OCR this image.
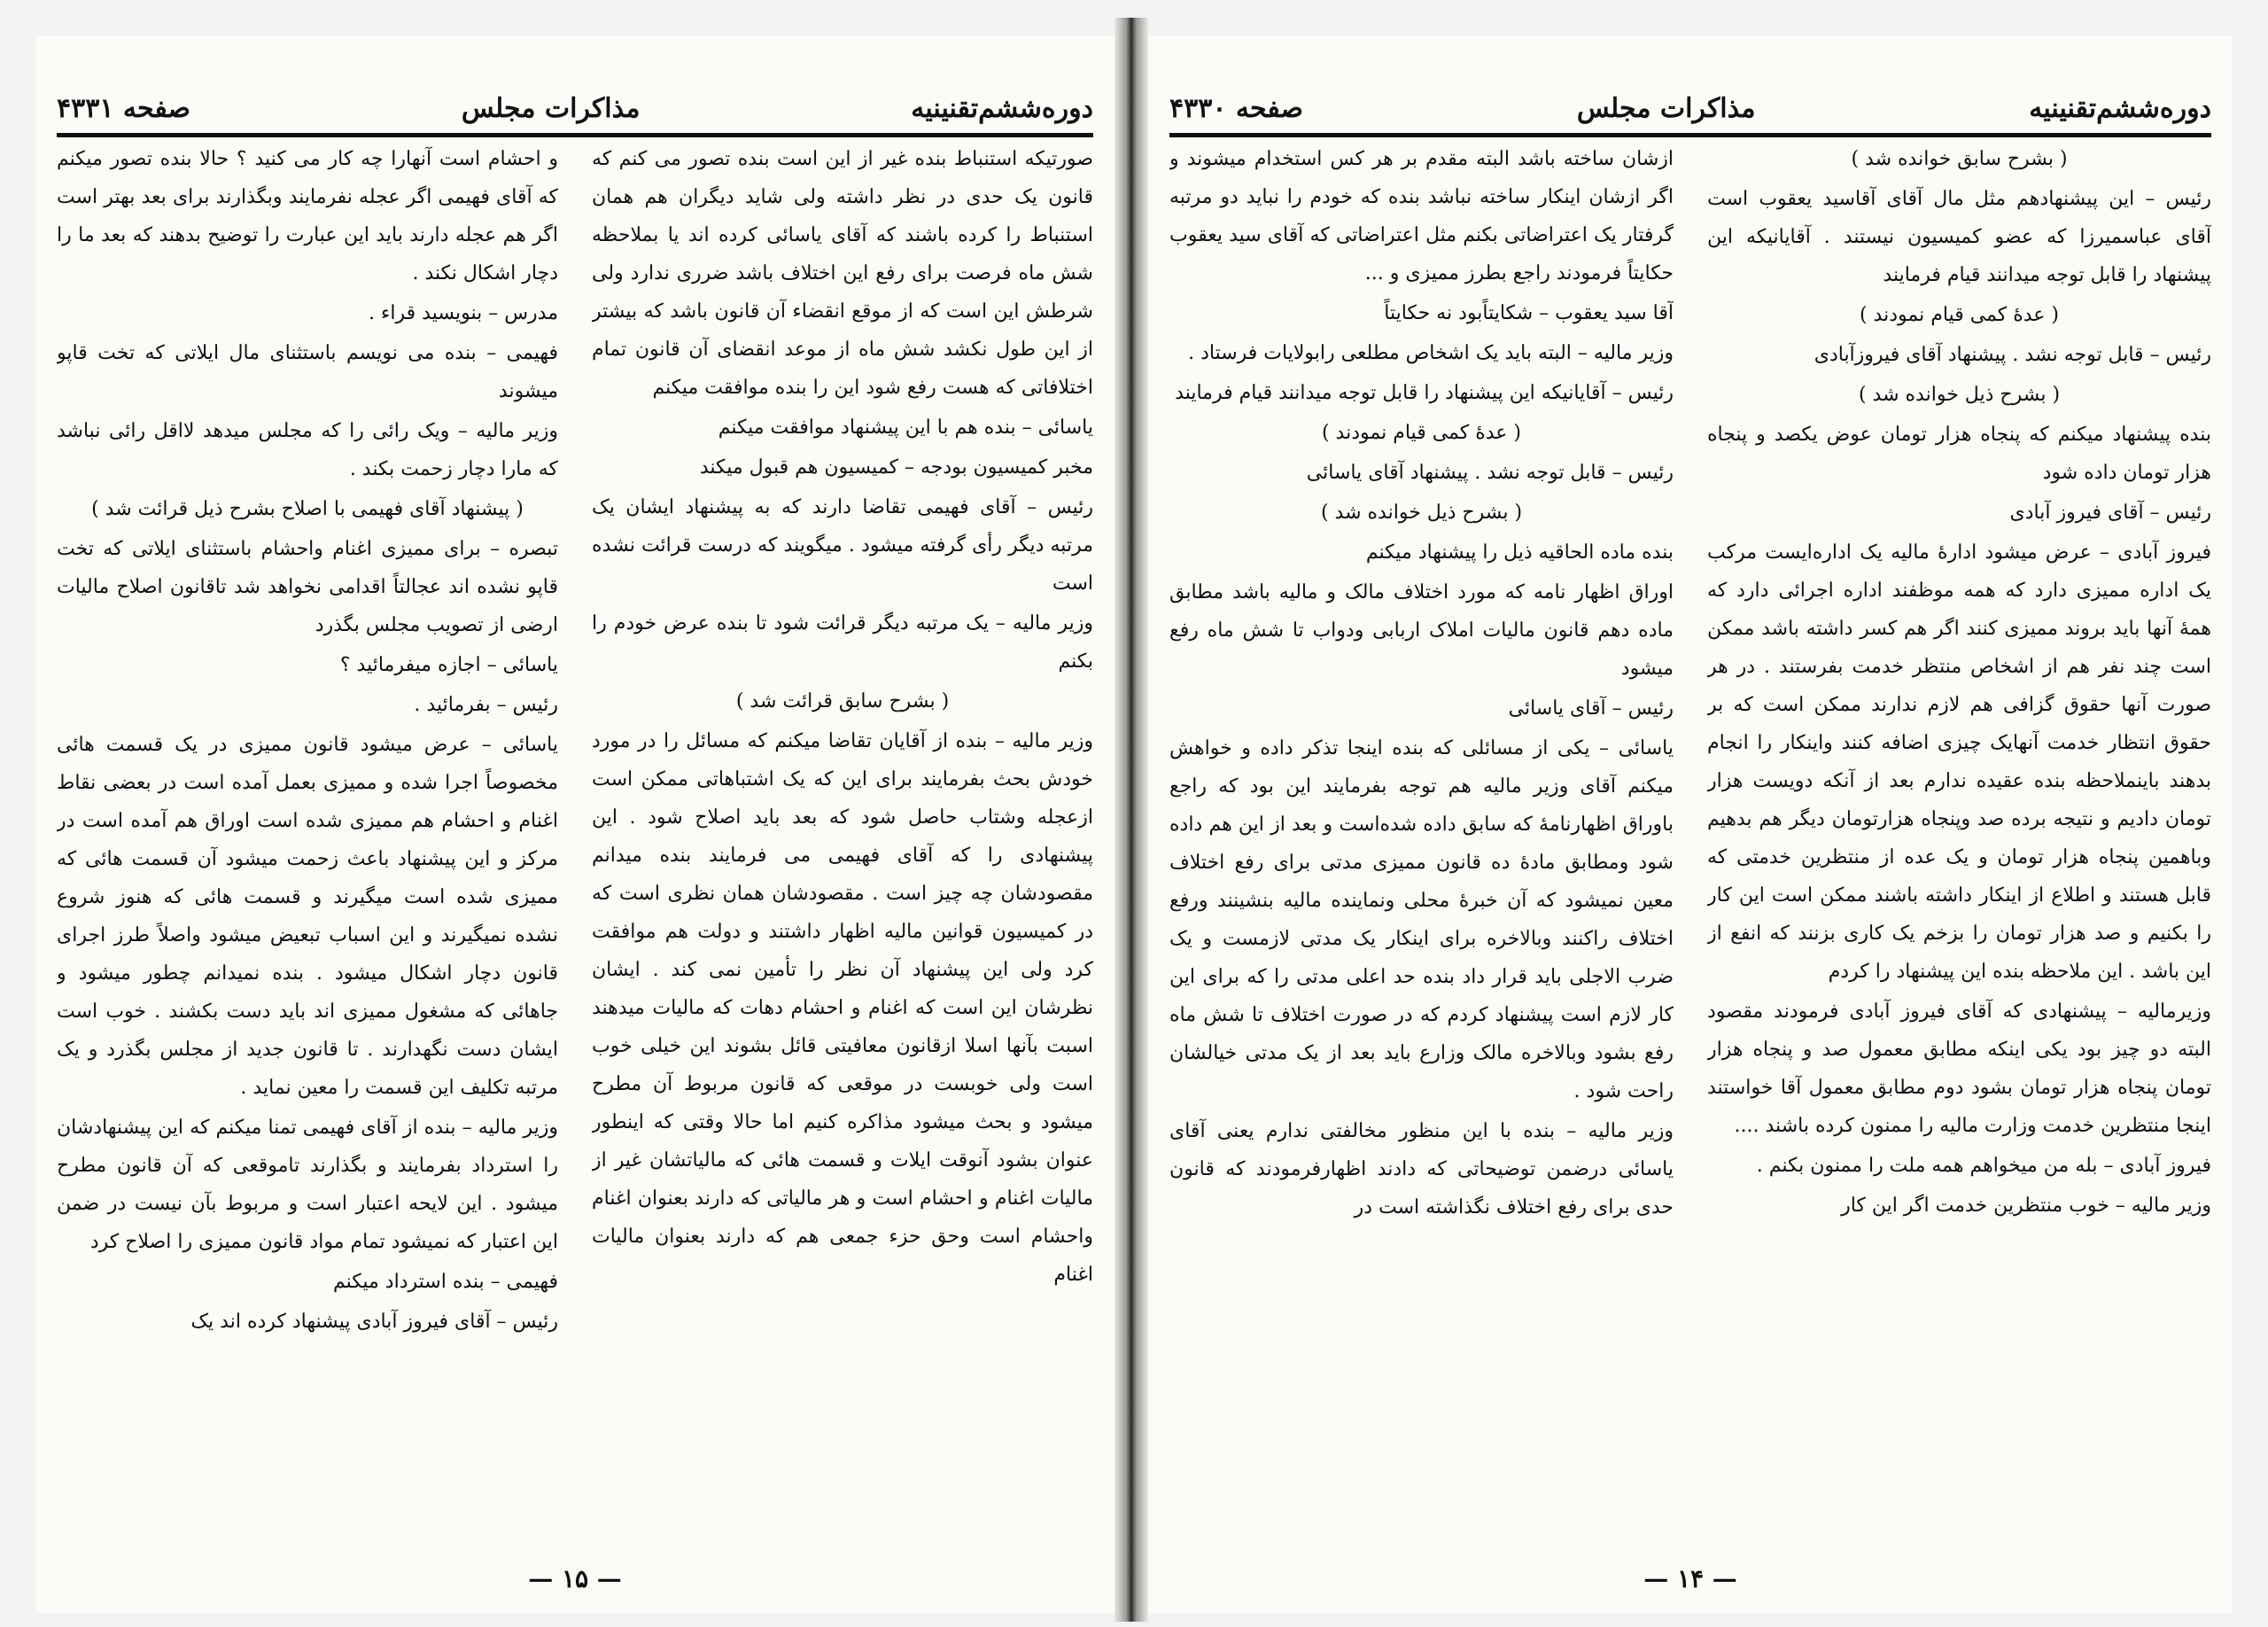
دوره‌ششم‌تقنینیه
مذاکرات مجلس
صفحه ۴۳۳۱

صورتیکه استنباط بنده غیر از این است بنده تصور می کنم که قانون یک حدی در نظر داشته ولی شاید دیگران هم همان استنباط را کرده باشند که آقای یاسائی کرده اند یا بملاحظه شش ماه فرصت برای رفع این اختلاف باشد ضرری ندارد ولی شرطش این است که از موقع انقضاء آن قانون باشد که بیشتر از این طول نکشد شش ماه از موعد انقضای آن قانون تمام اختلافاتی که هست رفع شود این را بنده موافقت میکنم

یاسائی – بنده هم با این پیشنهاد موافقت میکنم

مخبر کمیسیون بودجه – کمیسیون هم قبول میکند

رئیس – آقای فهیمی تقاضا دارند که به پیشنهاد ایشان یک مرتبه دیگر رأی گرفته میشود . میگویند که درست قرائت نشده است

وزیر مالیه – یک مرتبه دیگر قرائت شود تا بنده عرض خودم را بکنم

( بشرح سابق قرائت شد )

وزیر مالیه – بنده از آقایان تقاضا میکنم که مسائل را در مورد خودش بحث بفرمایند برای این که یک اشتباهاتی ممکن است ازعجله وشتاب حاصل شود که بعد باید اصلاح شود . این پیشنهادی را که آقای فهیمی می فرمایند بنده میدانم مقصودشان چه چیز است . مقصودشان همان نظری است که در کمیسیون قوانین مالیه اظهار داشتند و دولت هم موافقت کرد ولی این پیشنهاد آن نظر را تأمین نمی کند . ایشان نظرشان این است که اغنام و احشام دهات که مالیات میدهند اسبت بآنها اسلا ازقانون معافیتی قائل بشوند این خیلی خوب است ولی خوبست در موقعی که قانون مربوط آن مطرح میشود و بحث میشود مذاکره کنیم اما حالا وقتی که اینطور عنوان بشود آنوقت ایلات و قسمت هائی که مالیاتشان غیر از مالیات اغنام و احشام است و هر مالیاتی که دارند بعنوان اغنام واحشام است وحق حزء جمعی هم که دارند بعنوان مالیات اغنام

و احشام است آنهارا چه کار می کنید ؟ حالا بنده تصور میکنم که آقای فهیمی اگر عجله نفرمایند وبگذارند برای بعد بهتر است اگر هم عجله دارند باید این عبارت را توضیح بدهند که بعد ما را دچار اشکال نکند .

مدرس – بنویسید قراء .

فهیمی – بنده می نویسم باستثنای مال ایلاتی که تخت قاپو میشوند

وزیر مالیه – ویک رائی را که مجلس میدهد لااقل رائی نباشد که مارا دچار زحمت بکند .

( پیشنهاد آقای فهیمی با اصلاح بشرح ذیل قرائت شد )

تبصره – برای ممیزی اغنام واحشام باستثنای ایلاتی که تخت قاپو نشده اند عجالتاً اقدامی نخواهد شد تاقانون اصلاح مالیات ارضی از تصویب مجلس بگذرد

یاسائی – اجازه میفرمائید ؟

رئیس – بفرمائید .

یاسائی – عرض میشود قانون ممیزی در یک قسمت هائی مخصوصاً اجرا شده و ممیزی بعمل آمده است در بعضی نقاط اغنام و احشام هم ممیزی شده است اوراق هم آمده است در مرکز و این پیشنهاد باعث زحمت میشود آن قسمت هائی که ممیزی شده است میگیرند و قسمت هائی که هنوز شروع نشده نمیگیرند و این اسباب تبعیض میشود واصلاً طرز اجرای قانون دچار اشکال میشود . بنده نمیدانم چطور میشود و جاهائی که مشغول ممیزی اند باید دست بکشند . خوب است ایشان دست نگهدارند . تا قانون جدید از مجلس بگذرد و یک مرتبه تکلیف این قسمت را معین نماید .

وزیر مالیه – بنده از آقای فهیمی تمنا میکنم که این پیشنهادشان را استرداد بفرمایند و بگذارند تاموقعی که آن قانون مطرح میشود . این لایحه اعتبار است و مربوط بآن نیست در ضمن این اعتبار که نمیشود تمام مواد قانون ممیزی را اصلاح کرد

فهیمی – بنده استرداد میکنم

رئیس – آقای فیروز آبادی پیشنهاد کرده اند یک

— ۱۵ —
دوره‌ششم‌تقنینیه
مذاکرات مجلس
صفحه ۴۳۳۰

( بشرح سابق خوانده شد )

رئیس – این پیشنهادهم مثل مال آقای آقاسید یعقوب است آقای عباسمیرزا که عضو کمیسیون نیستند . آقایانیکه این پیشنهاد را قابل توجه میدانند قیام فرمایند

( عدهٔ کمی قیام نمودند )

رئیس – قابل توجه نشد . پیشنهاد آقای فیروزآبادی

( بشرح ذیل خوانده شد )

بنده پیشنهاد میکنم که پنجاه هزار تومان عوض یکصد و پنجاه هزار تومان داده شود

رئیس – آقای فیروز آبادی

فیروز آبادی – عرض میشود ادارهٔ مالیه یک اداره‌ایست مرکب یک اداره ممیزی دارد که همه موظفند اداره اجرائی دارد که همهٔ آنها باید بروند ممیزی کنند اگر هم کسر داشته باشد ممکن است چند نفر هم از اشخاص منتظر خدمت بفرستند . در هر صورت آنها حقوق گزافی هم لازم ندارند ممکن است که بر حقوق انتظار خدمت آنهایک چیزی اضافه کنند واینکار را انجام بدهند باینملاحظه بنده عقیده ندارم بعد از آنکه دویست هزار تومان دادیم و نتیجه برده صد وپنجاه هزارتومان دیگر هم بدهیم وباهمین پنجاه هزار تومان و یک عده از منتظرین خدمتی که قابل هستند و اطلاع از اینکار داشته باشند ممکن است این کار را بکنیم و صد هزار تومان را بزخم یک کاری بزنند که انفع از این باشد . این ملاحظه بنده این پیشنهاد را کردم

وزیرمالیه – پیشنهادی که آقای فیروز آبادی فرمودند مقصود البته دو چیز بود یکی اینکه مطابق معمول صد و پنجاه هزار تومان پنجاه هزار تومان بشود دوم مطابق معمول آقا خواستند اینجا منتظرین خدمت وزارت مالیه را ممنون کرده باشند ....

فیروز آبادی – بله من میخواهم همه ملت را ممنون بکنم .

وزیر مالیه – خوب منتظرین خدمت اگر این کار

ازشان ساخته باشد البته مقدم بر هر کس استخدام میشوند و اگر ازشان اینکار ساخته نباشد بنده که خودم را نباید دو مرتبه گرفتار یک اعتراضاتی بکنم مثل اعتراضاتی که آقای سید یعقوب حکایتاً فرمودند راجع بطرز ممیزی و ...

آقا سید یعقوب – شکایتاًبود نه حکایتاً

وزیر مالیه – البته باید یک اشخاص مطلعی رابولایات فرستاد .

رئیس – آقایانیکه این پیشنهاد را قابل توجه میدانند قیام فرمایند

( عدهٔ کمی قیام نمودند )

رئیس – قابل توجه نشد . پیشنهاد آقای یاسائی

( بشرح ذیل خوانده شد )

بنده ماده الحاقیه ذیل را پیشنهاد میکنم

اوراق اظهار نامه که مورد اختلاف مالک و مالیه باشد مطابق ماده دهم قانون مالیات املاک اربابی ودواب تا شش ماه رفع میشود

رئیس – آقای یاسائی

یاسائی – یکی از مسائلی که بنده اینجا تذکر داده و خواهش میکنم آقای وزیر مالیه هم توجه بفرمایند این بود که راجع باوراق اظهارنامهٔ که سابق داده شده‌است و بعد از این هم داده شود ومطابق مادهٔ ده قانون ممیزی مدتی برای رفع اختلاف معین نمیشود که آن خبرهٔ محلی ونماینده مالیه بنشینند ورفع اختلاف راکنند وبالاخره برای اینکار یک مدتی لازمست و یک ضرب الاجلی باید قرار داد بنده حد اعلی مدتی را که برای این کار لازم است پیشنهاد کردم که در صورت اختلاف تا شش ماه رفع بشود وبالاخره مالک وزارع باید بعد از یک مدتی خیالشان راحت شود .

وزیر مالیه – بنده با این منظور مخالفتی ندارم یعنی آقای یاسائی درضمن توضیحاتی که دادند اظهارفرمودند که قانون حدی برای رفع اختلاف نگذاشته است در

— ۱۴ —
